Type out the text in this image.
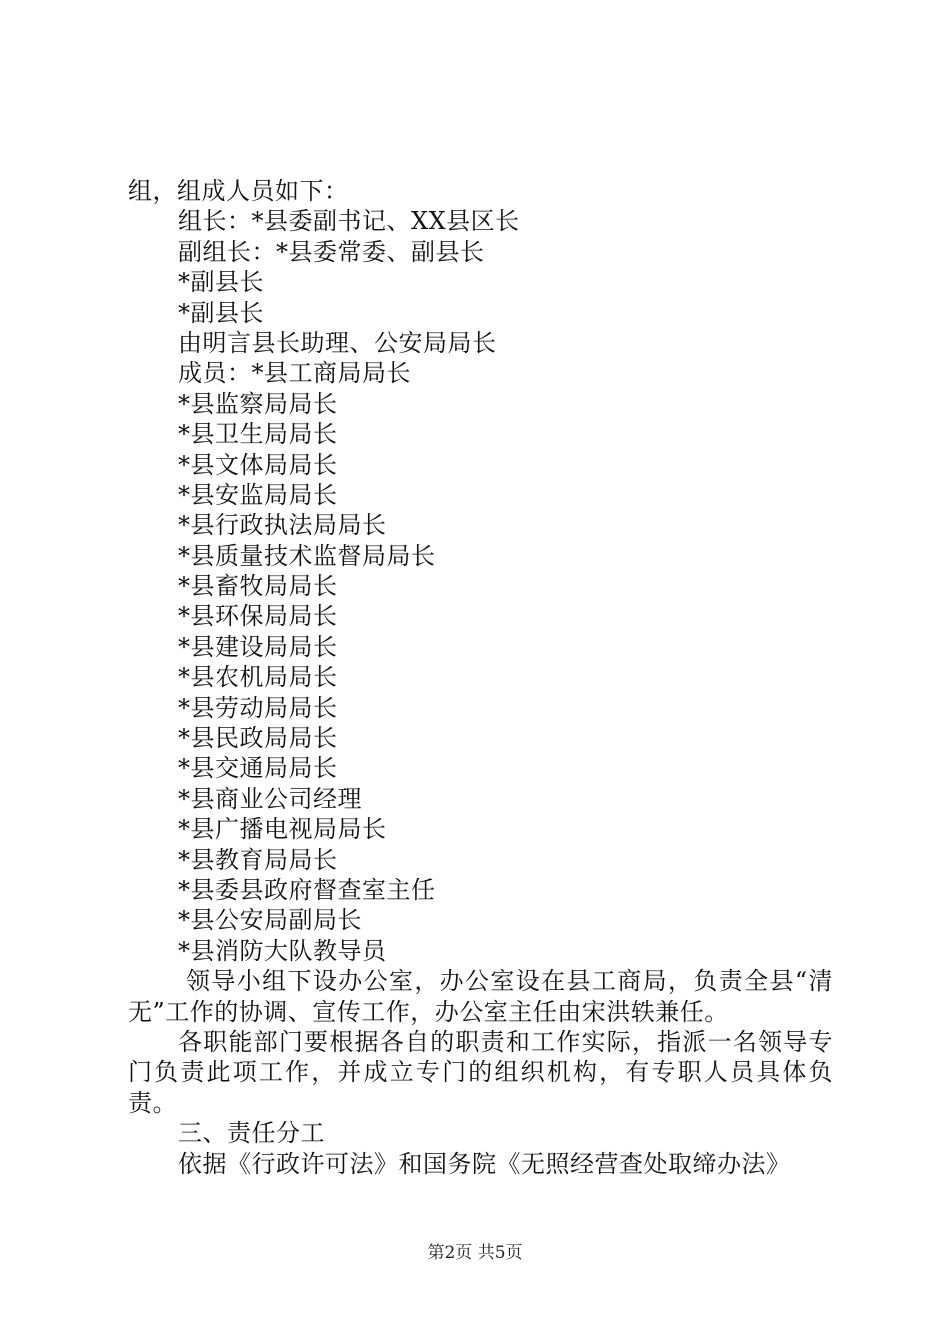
组，组成人员如下：
组长：*县委副书记、XX县区长
副组长：*县委常委、副县长
*副县长
*副县长
由明言县长助理、公安局局长
成员：*县工商局局长
*县监察局局长
*县卫生局局长
*县文体局局长
*县安监局局长
*县行政执法局局长
*县质量技术监督局局长
*县畜牧局局长
*县环保局局长
*县建设局局长
*县农机局局长
*县劳动局局长
*县民政局局长
*县交通局局长
*县商业公司经理
*县广播电视局局长
*县教育局局长
*县委县政府督查室主任
*县公安局副局长
*县消防大队教导员
领导小组下设办公室，办公室设在县工商局，负责全县“清无”工作的协调、宣传工作，办公室主任由宋洪轶兼任。
各职能部门要根据各自的职责和工作实际，指派一名领导专门负责此项工作，并成立专门的组织机构，有专职人员具体负责。
三、责任分工
依据《行政许可法》和国务院《无照经营查处取缔办法》
第2页 共5页
